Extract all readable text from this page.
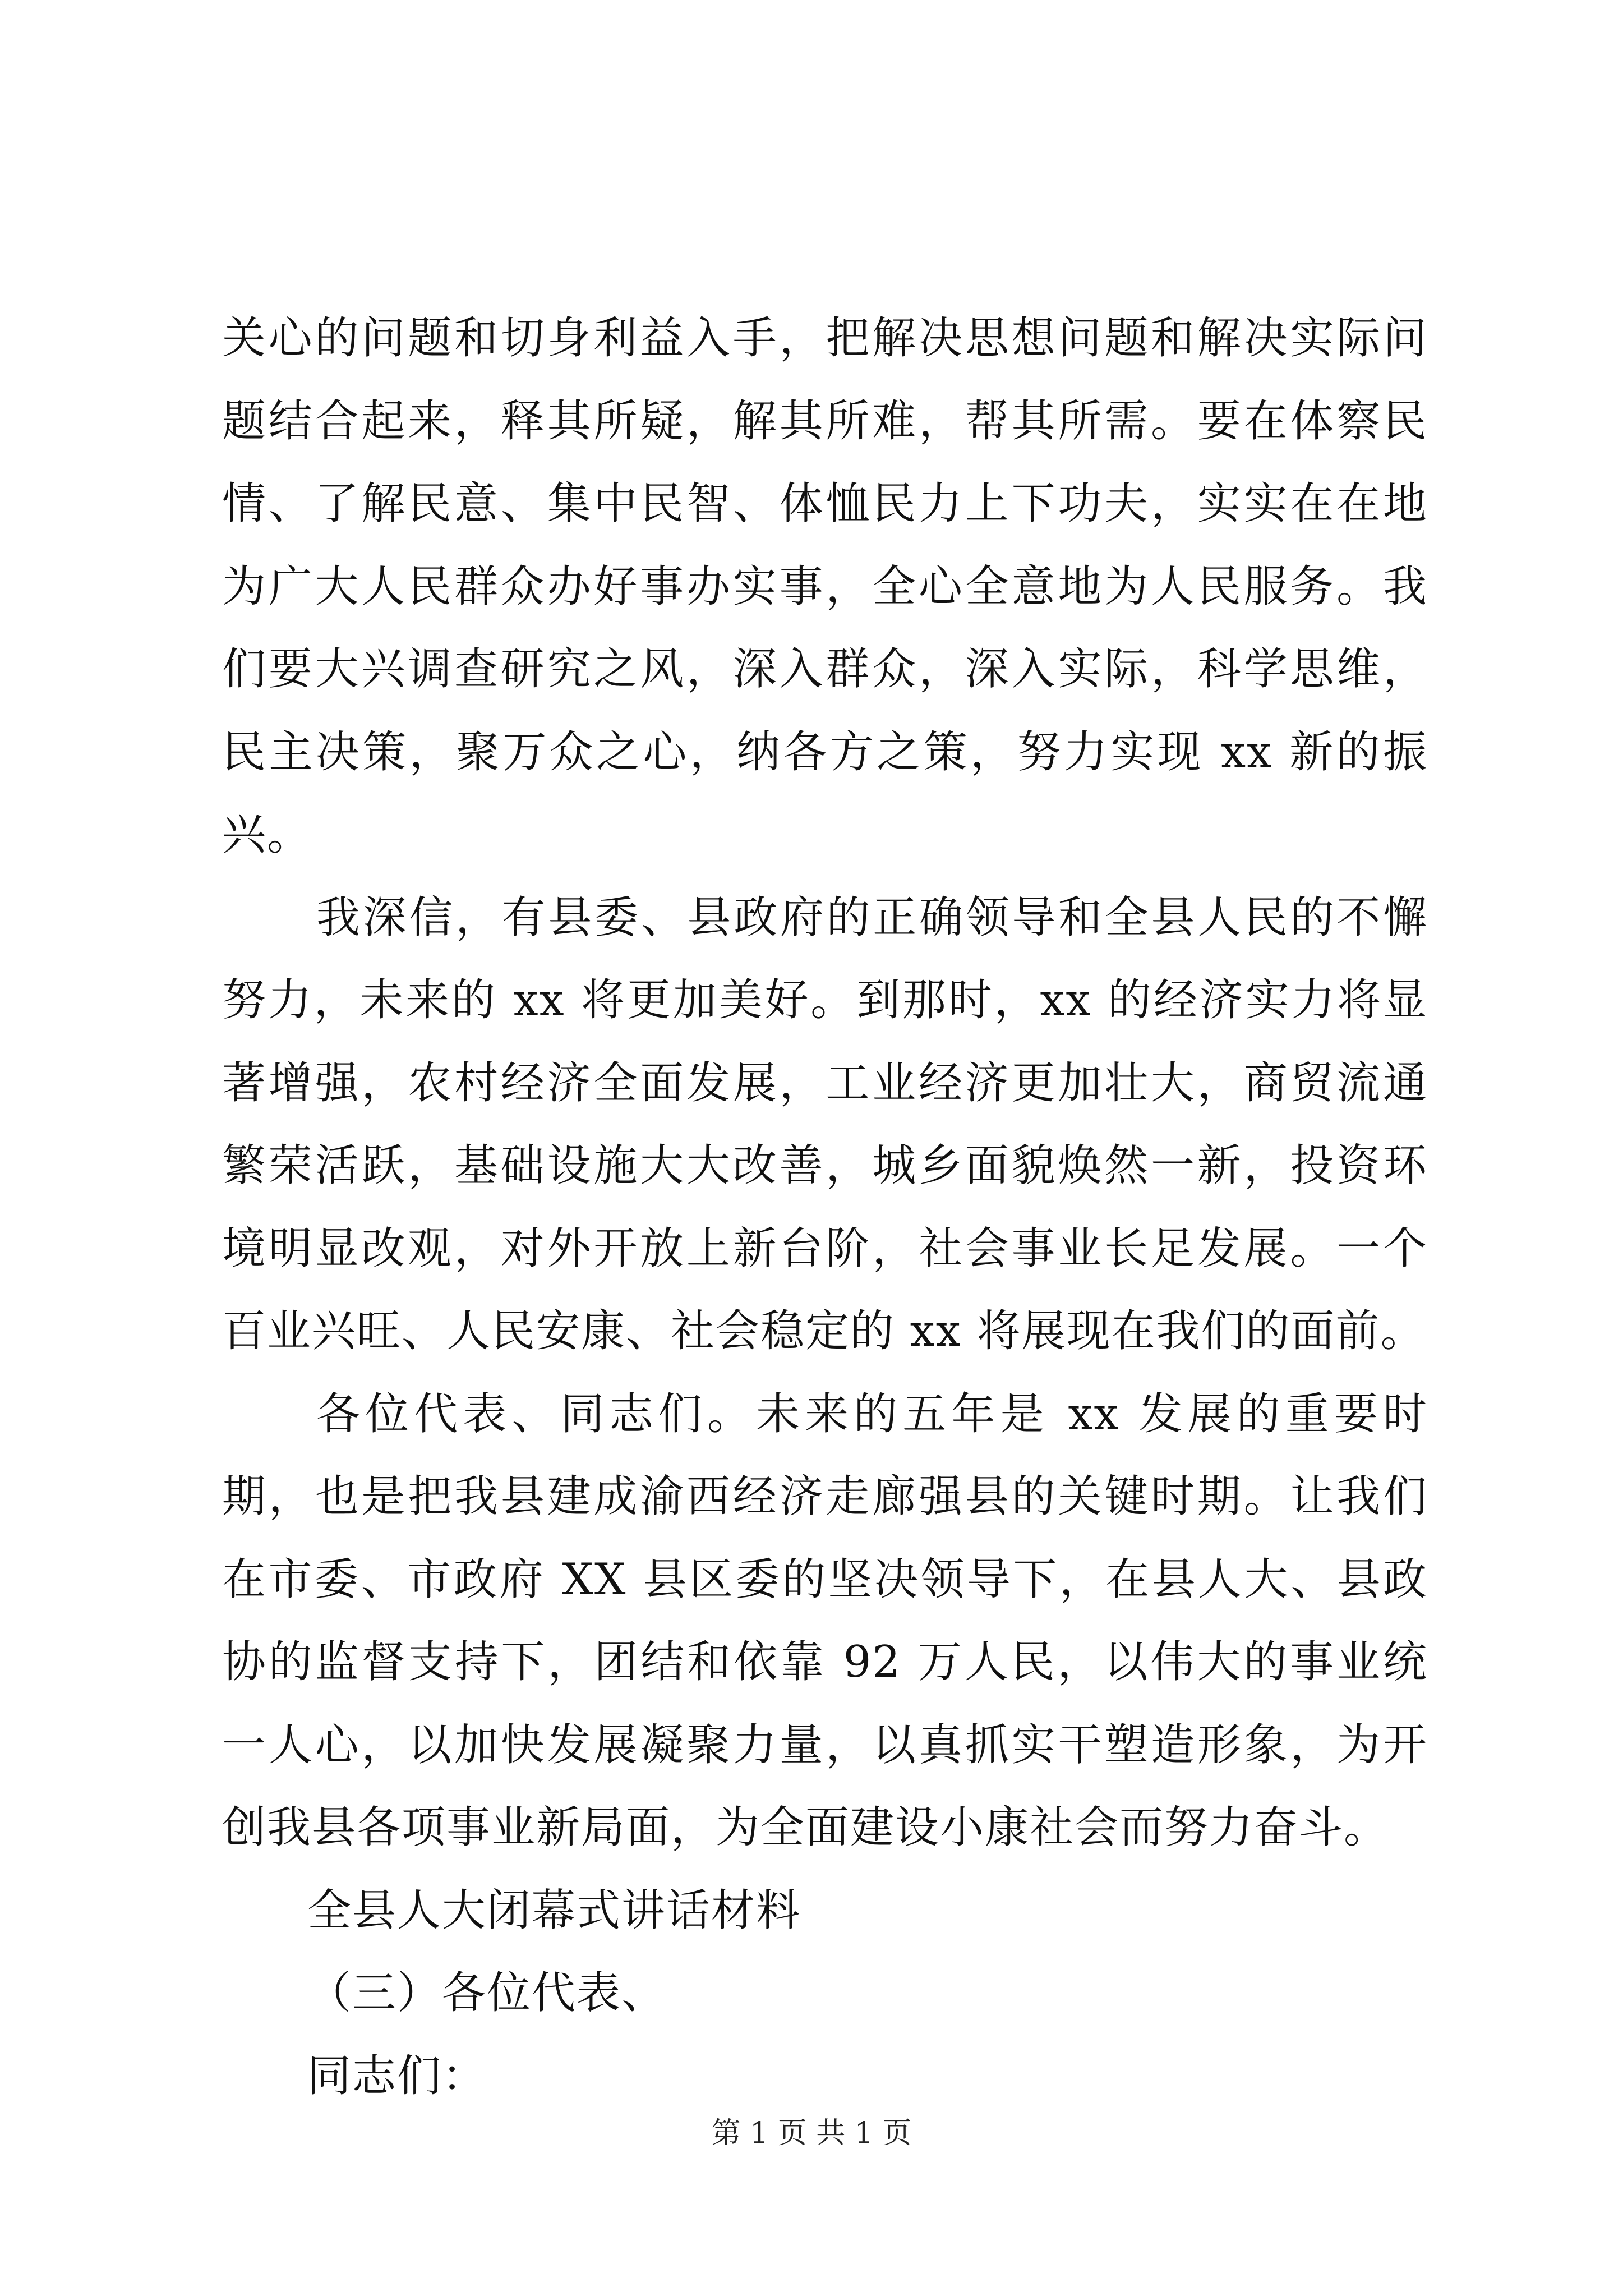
关心的问题和切身利益入手，把解决思想问题和解决实际问题结合起来，释其所疑，解其所难，帮其所需。要在体察民情、了解民意、集中民智、体恤民力上下功夫，实实在在地为广大人民群众办好事办实事，全心全意地为人民服务。我们要大兴调查研究之风，深入群众，深入实际，科学思维，民主决策，聚万众之心，纳各方之策，努力实现 xx 新的振兴。

我深信，有县委、县政府的正确领导和全县人民的不懈努力，未来的 xx 将更加美好。到那时，xx 的经济实力将显著增强，农村经济全面发展，工业经济更加壮大，商贸流通繁荣活跃，基础设施大大改善，城乡面貌焕然一新，投资环境明显改观，对外开放上新台阶，社会事业长足发展。一个百业兴旺、人民安康、社会稳定的 xx 将展现在我们的面前。

各位代表、同志们。未来的五年是 xx 发展的重要时期，也是把我县建成渝西经济走廊强县的关键时期。让我们在市委、市政府 XX 县区委的坚决领导下，在县人大、县政协的监督支持下，团结和依靠 92 万人民，以伟大的事业统一人心，以加快发展凝聚力量，以真抓实干塑造形象，为开创我县各项事业新局面，为全面建设小康社会而努力奋斗。

全县人大闭幕式讲话材料

（三）各位代表、

同志们：

第 1 页 共 1 页
